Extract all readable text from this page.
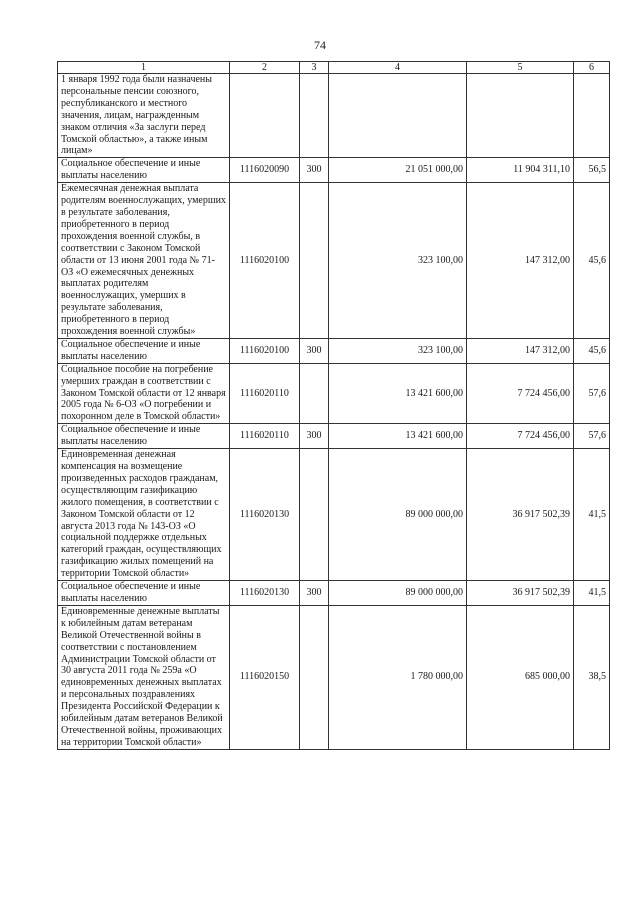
74
1	2	3	4	5	6
1 января 1992 года были назначены персональные пенсии союзного, республиканского и местного значения, лицам, награжденным знаком отличия «За заслуги перед Томской областью», а также иным лицам»					
Социальное обеспечение и иные выплаты населению	1116020090	300	21 051 000,00	11 904 311,10	56,5
Ежемесячная денежная выплата родителям военнослужащих, умерших в результате заболевания, приобретенного в период прохождения военной службы, в соответствии с Законом Томской области от 13 июня 2001 года № 71-ОЗ «О ежемесячных денежных выплатах родителям военнослужащих, умерших в результате заболевания, приобретенного в период прохождения военной службы»	1116020100		323 100,00	147 312,00	45,6
Социальное обеспечение и иные выплаты населению	1116020100	300	323 100,00	147 312,00	45,6
Социальное пособие на погребение умерших граждан в соответствии с Законом Томской области от 12 января 2005 года № 6-ОЗ «О погребении и похоронном деле в Томской области»	1116020110		13 421 600,00	7 724 456,00	57,6
Социальное обеспечение и иные выплаты населению	1116020110	300	13 421 600,00	7 724 456,00	57,6
Единовременная денежная компенсация на возмещение произведенных расходов гражданам, осуществляющим газификацию жилого помещения, в соответствии с Законом Томской области от 12 августа 2013 года № 143-ОЗ «О социальной поддержке отдельных категорий граждан, осуществляющих газификацию жилых помещений на территории Томской области»	1116020130		89 000 000,00	36 917 502,39	41,5
Социальное обеспечение и иные выплаты населению	1116020130	300	89 000 000,00	36 917 502,39	41,5
Единовременные денежные выплаты к юбилейным датам ветеранам Великой Отечественной войны в соответствии с постановлением Администрации Томской области от 30 августа 2011 года № 259а «О единовременных денежных выплатах и персональных поздравлениях Президента Российской Федерации к юбилейным датам ветеранов Великой Отечественной войны, проживающих на территории Томской области»	1116020150		1 780 000,00	685 000,00	38,5
